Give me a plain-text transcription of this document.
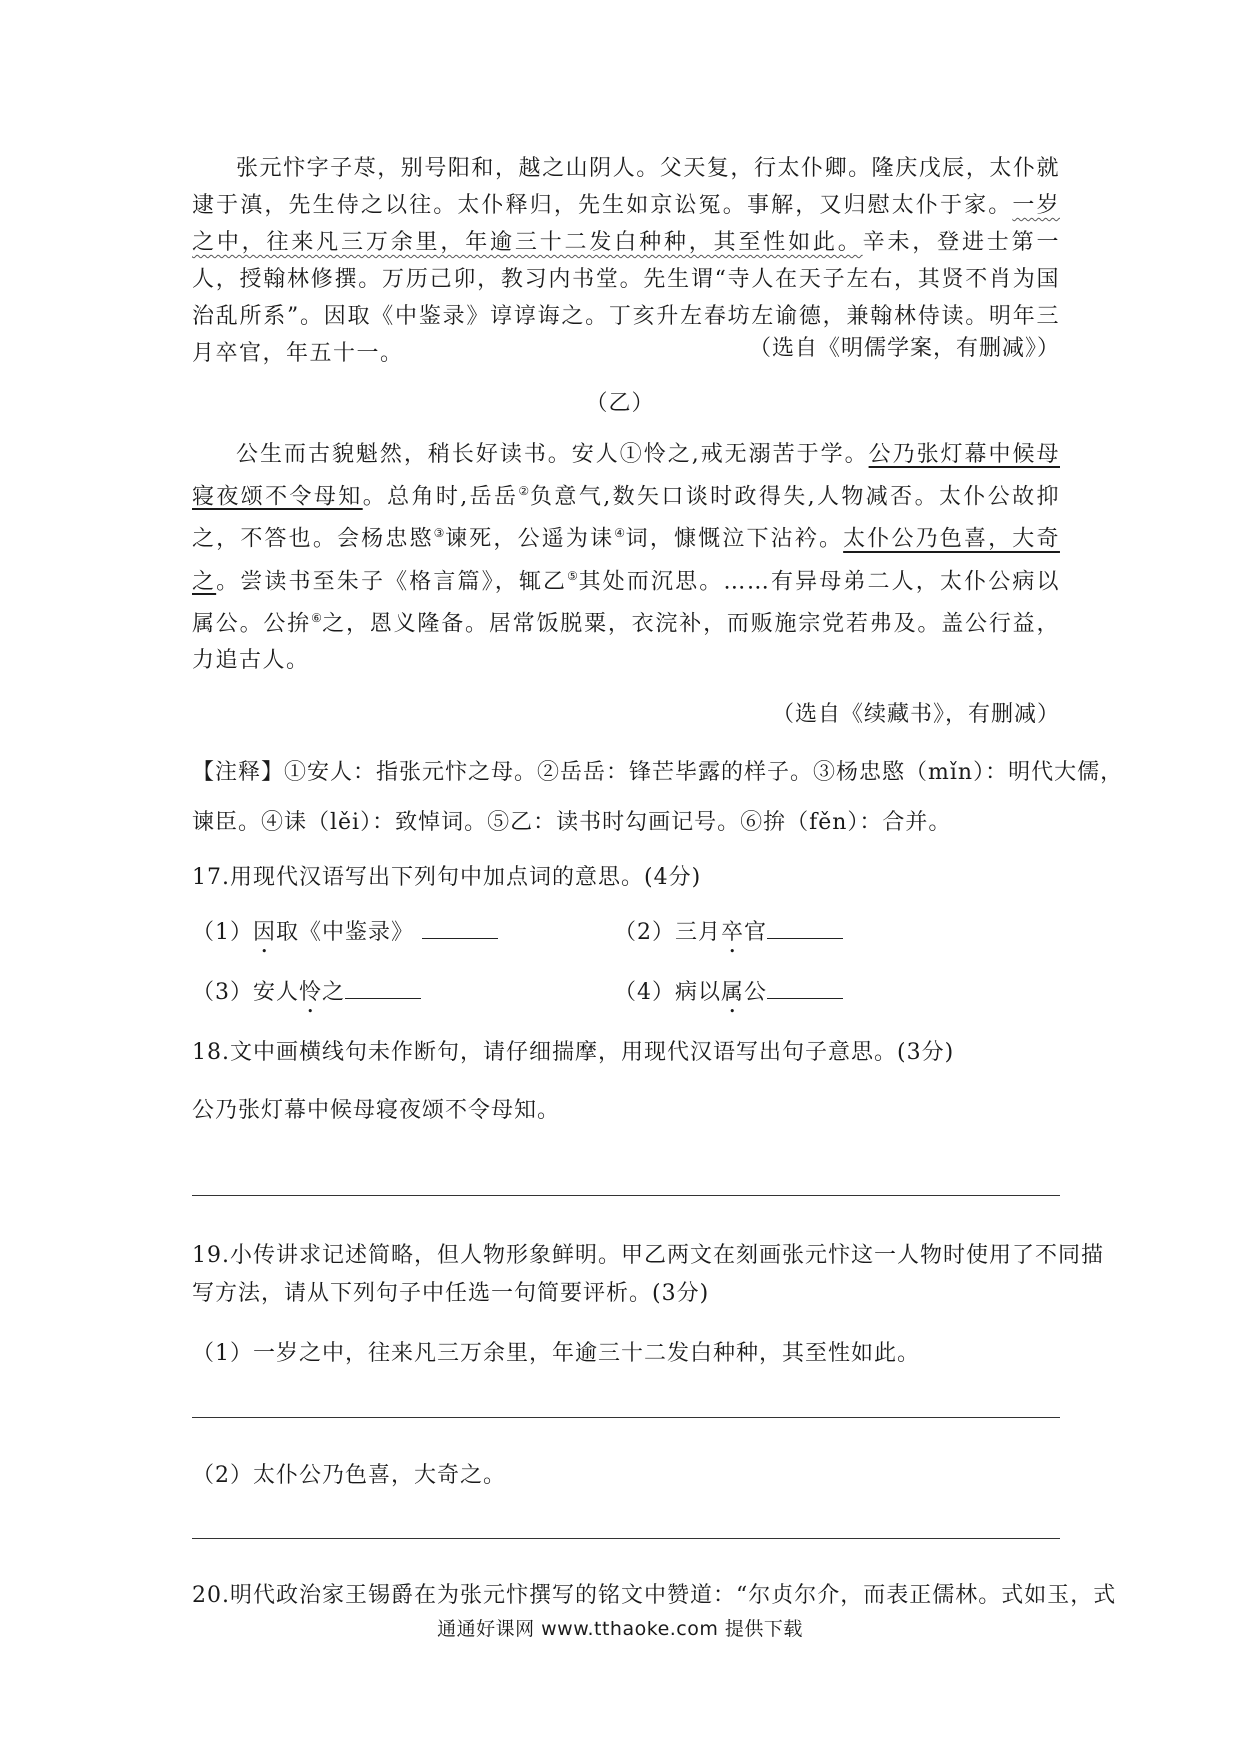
张元忭字子荩，别号阳和，越之山阴人。父天复，行太仆卿。隆庆戊辰，太仆就逮于滇，先生侍之以往。太仆释归，先生如京讼冤。事解，又归慰太仆于家。一岁之中，往来凡三万余里，年逾三十二发白种种，其至性如此。辛未，登进士第一人，授翰林修撰。万历己卯，教习内书堂。先生谓“寺人在天子左右，其贤不肖为国治乱所系”。因取《中鉴录》谆谆诲之。丁亥升左春坊左谕德，兼翰林侍读。明年三月卒官，年五十一。	（选自《明儒学案，有删减》）
（乙）
公生而古貌魁然，稍长好读书。安人①怜之,戒无溺苦于学。公乃张灯幕中候母寝夜颂不令母知。总角时,岳岳②负意气,数矢口谈时政得失,人物减否。太仆公故抑之，不答也。会杨忠愍③谏死，公遥为诔④词，慷慨泣下沾衿。太仆公乃色喜，大奇之。尝读书至朱子《格言篇》，辄乙⑤其处而沉思。……有异母弟二人，太仆公病以属公。公拚⑥之，恩义隆备。居常饭脱粟，衣浣补，而贩施宗党若弗及。盖公行益，力追古人。
（选自《续藏书》，有删减）
【注释】①安人：指张元忭之母。②岳岳：锋芒毕露的样子。③杨忠愍（mǐn）：明代大儒，
谏臣。④诔（lěi）：致悼词。⑤乙：读书时勾画记号。⑥拚（fěn）：合并。
17.用现代汉语写出下列句中加点词的意思。(4分)
（1）因取《中鉴录》	（2）三月卒官
（3）安人怜之	（4）病以属公
18.文中画横线句未作断句，请仔细揣摩，用现代汉语写出句子意思。(3分)
公乃张灯幕中候母寝夜颂不令母知。
19.小传讲求记述简略，但人物形象鲜明。甲乙两文在刻画张元忭这一人物时使用了不同描
写方法，请从下列句子中任选一句简要评析。(3分)
（1）一岁之中，往来凡三万余里，年逾三十二发白种种，其至性如此。
（2）太仆公乃色喜，大奇之。
20.明代政治家王锡爵在为张元忭撰写的铭文中赞道：“尔贞尔介，而表正儒林。式如玉，式
通通好课网 www.tthaoke.com 提供下载
